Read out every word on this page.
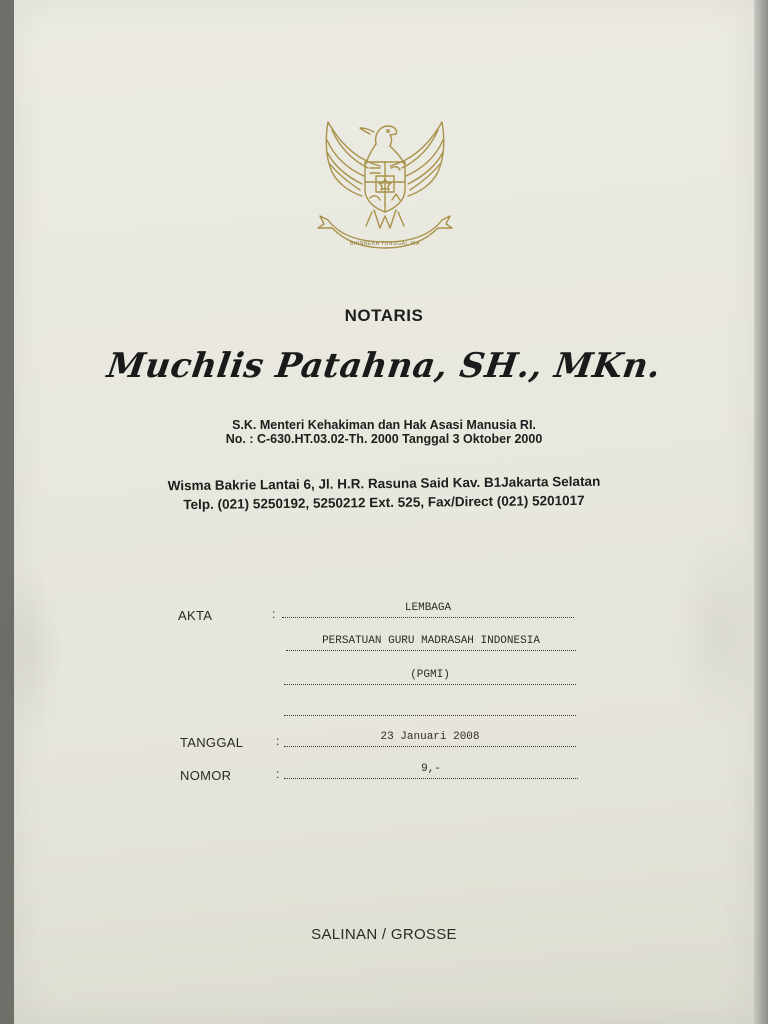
BHINNEKA TUNGGAL IKA
NOTARIS
Muchlis Patahna, SH., MKn.
S.K. Menteri Kehakiman dan Hak Asasi Manusia RI.
No. : C-630.HT.03.02-Th. 2000 Tanggal 3 Oktober 2000
Wisma Bakrie Lantai 6, Jl. H.R. Rasuna Said Kav. B1Jakarta Selatan
Telp. (021) 5250192, 5250212 Ext. 525, Fax/Direct (021) 5201017
AKTA	:	LEMBAGA
PERSATUAN GURU MADRASAH INDONESIA
(PGMI)
TANGGAL	:	23 Januari 2008
NOMOR	:	9,-
SALINAN / GROSSE
